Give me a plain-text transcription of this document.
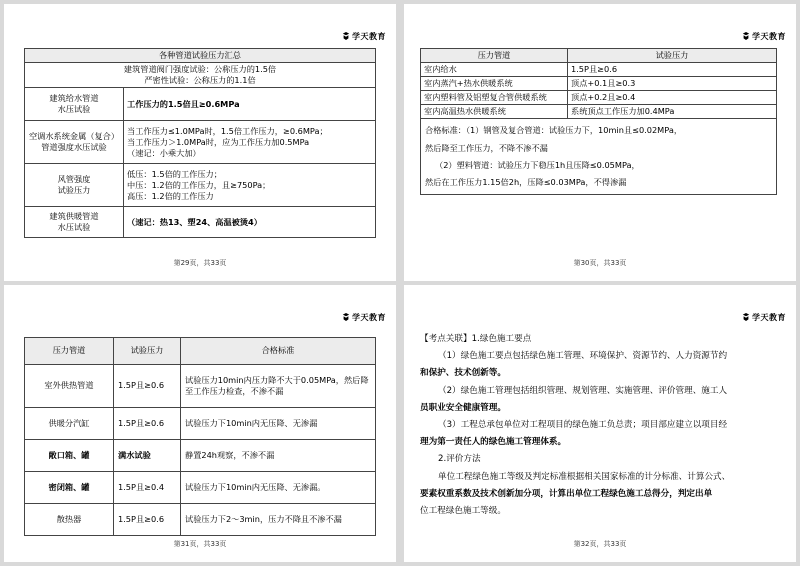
学天教育
各种管道试验压力汇总	

建筑管道阀门强度试验：公称压力的1.5倍
严密性试验：公称压力的1.1倍	

建筑给水管道
水压试验	工作压力的1.5倍且≥0.6MPa

空调水系统金属（复合）
管道强度水压试验	当工作压力≤1.0MPa时，1.5倍工作压力，≥0.6MPa；
当工作压力＞1.0MPa时，应为工作压力加0.5MPa
（速记：小乘大加）

风管强度
试验压力	低压：1.5倍的工作压力；
中压：1.2倍的工作压力，且≥750Pa；
高压：1.2倍的工作压力

建筑供暖管道
水压试验	（速记：热13、塑24、高温被烫4）
第29页，共33页
学天教育
压力管道	试验压力
室内给水	1.5P且≥0.6
室内蒸汽+热水供暖系统	顶点+0.1且≥0.3
室内塑料管及铝塑复合管供暖系统	顶点+0.2且≥0.4
室内高温热水供暖系统	系统顶点工作压力加0.4MPa

合格标准：（1）钢管及复合管道：试验压力下，10min且≤0.02MPa，
然后降至工作压力，不降不渗不漏
（2）塑料管道：试验压力下稳压1h且压降≤0.05MPa，
然后在工作压力1.15倍2h，压降≤0.03MPa，不得渗漏	
第30页，共33页
学天教育
压力管道	试验压力	合格标准
室外供热管道	1.5P且≥0.6	试验压力10min内压力降不大于0.05MPa，然后降至工作压力检查，不渗不漏
供暖分汽缸	1.5P且≥0.6	试验压力下10min内无压降、无渗漏
敞口箱、罐	满水试验	静置24h观察，不渗不漏
密闭箱、罐	1.5P且≥0.4	试验压力下10min内无压降、无渗漏。
散热器	1.5P且≥0.6	试验压力下2～3min，压力不降且不渗不漏
第31页，共33页
学天教育

【考点关联】1.绿色施工要点

（1）绿色施工要点包括绿色施工管理、环境保护、资源节约、人力资源节约

和保护、技术创新等。

（2）绿色施工管理包括组织管理、规划管理、实施管理、评价管理、施工人

员职业安全健康管理。

（3）工程总承包单位对工程项目的绿色施工负总责；项目部应建立以项目经

理为第一责任人的绿色施工管理体系。

2.评价方法

单位工程绿色施工等级及判定标准根据相关国家标准的计分标准、计算公式、

要素权重系数及技术创新加分项，计算出单位工程绿色施工总得分，判定出单

位工程绿色施工等级。

第32页，共33页
